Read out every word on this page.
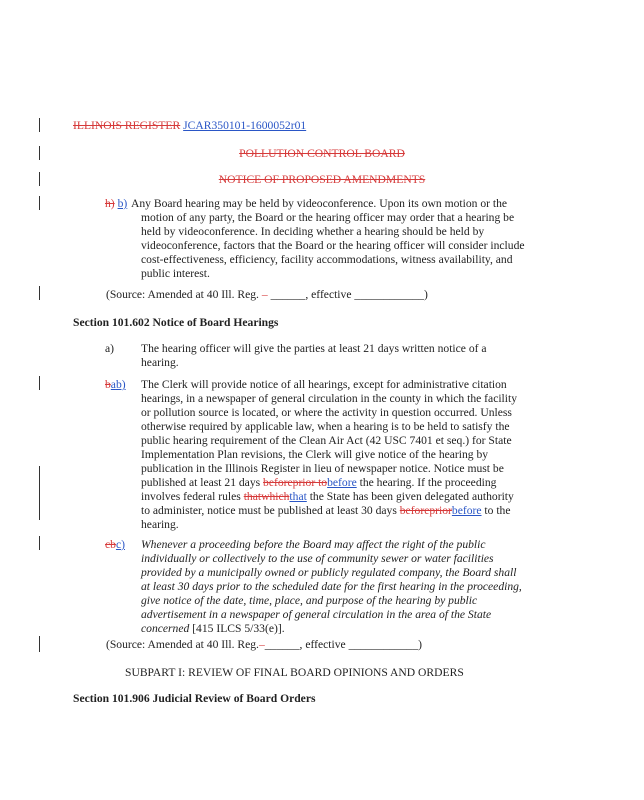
ILLINOIS REGISTER JCAR350101-1600052r01
POLLUTION CONTROL BOARD
NOTICE OF PROPOSED AMENDMENTS
h) b) Any Board hearing may be held by videoconference. Upon its own motion or the
motion of any party, the Board or the hearing officer may order that a hearing be
held by videoconference. In deciding whether a hearing should be held by
videoconference, factors that the Board or the hearing officer will consider include
cost-effectiveness, efficiency, facility accommodations, witness availability, and
public interest.
(Source: Amended at 40 Ill. Reg. – ______, effective ____________)
Section 101.602 Notice of Board Hearings
a) The hearing officer will give the parties at least 21 days written notice of a
hearing.
bab) The Clerk will provide notice of all hearings, except for administrative citation
hearings, in a newspaper of general circulation in the county in which the facility
or pollution source is located, or where the activity in question occurred. Unless
otherwise required by applicable law, when a hearing is to be held to satisfy the
public hearing requirement of the Clean Air Act (42 USC 7401 et seq.) for State
Implementation Plan revisions, the Clerk will give notice of the hearing by
publication in the Illinois Register in lieu of newspaper notice. Notice must be
published at least 21 days beforeprior tobefore the hearing. If the proceeding
involves federal rules thatwhichthat the State has been given delegated authority
to administer, notice must be published at least 30 days beforepriorbefore to the
hearing.
cbc) Whenever a proceeding before the Board may affect the right of the public
individually or collectively to the use of community sewer or water facilities
provided by a municipally owned or publicly regulated company, the Board shall
at least 30 days prior to the scheduled date for the first hearing in the proceeding,
give notice of the date, time, place, and purpose of the hearing by public
advertisement in a newspaper of general circulation in the area of the State
concerned [415 ILCS 5/33(e)].
(Source: Amended at 40 Ill. Reg.–______, effective ____________)
SUBPART I: REVIEW OF FINAL BOARD OPINIONS AND ORDERS
Section 101.906 Judicial Review of Board Orders
